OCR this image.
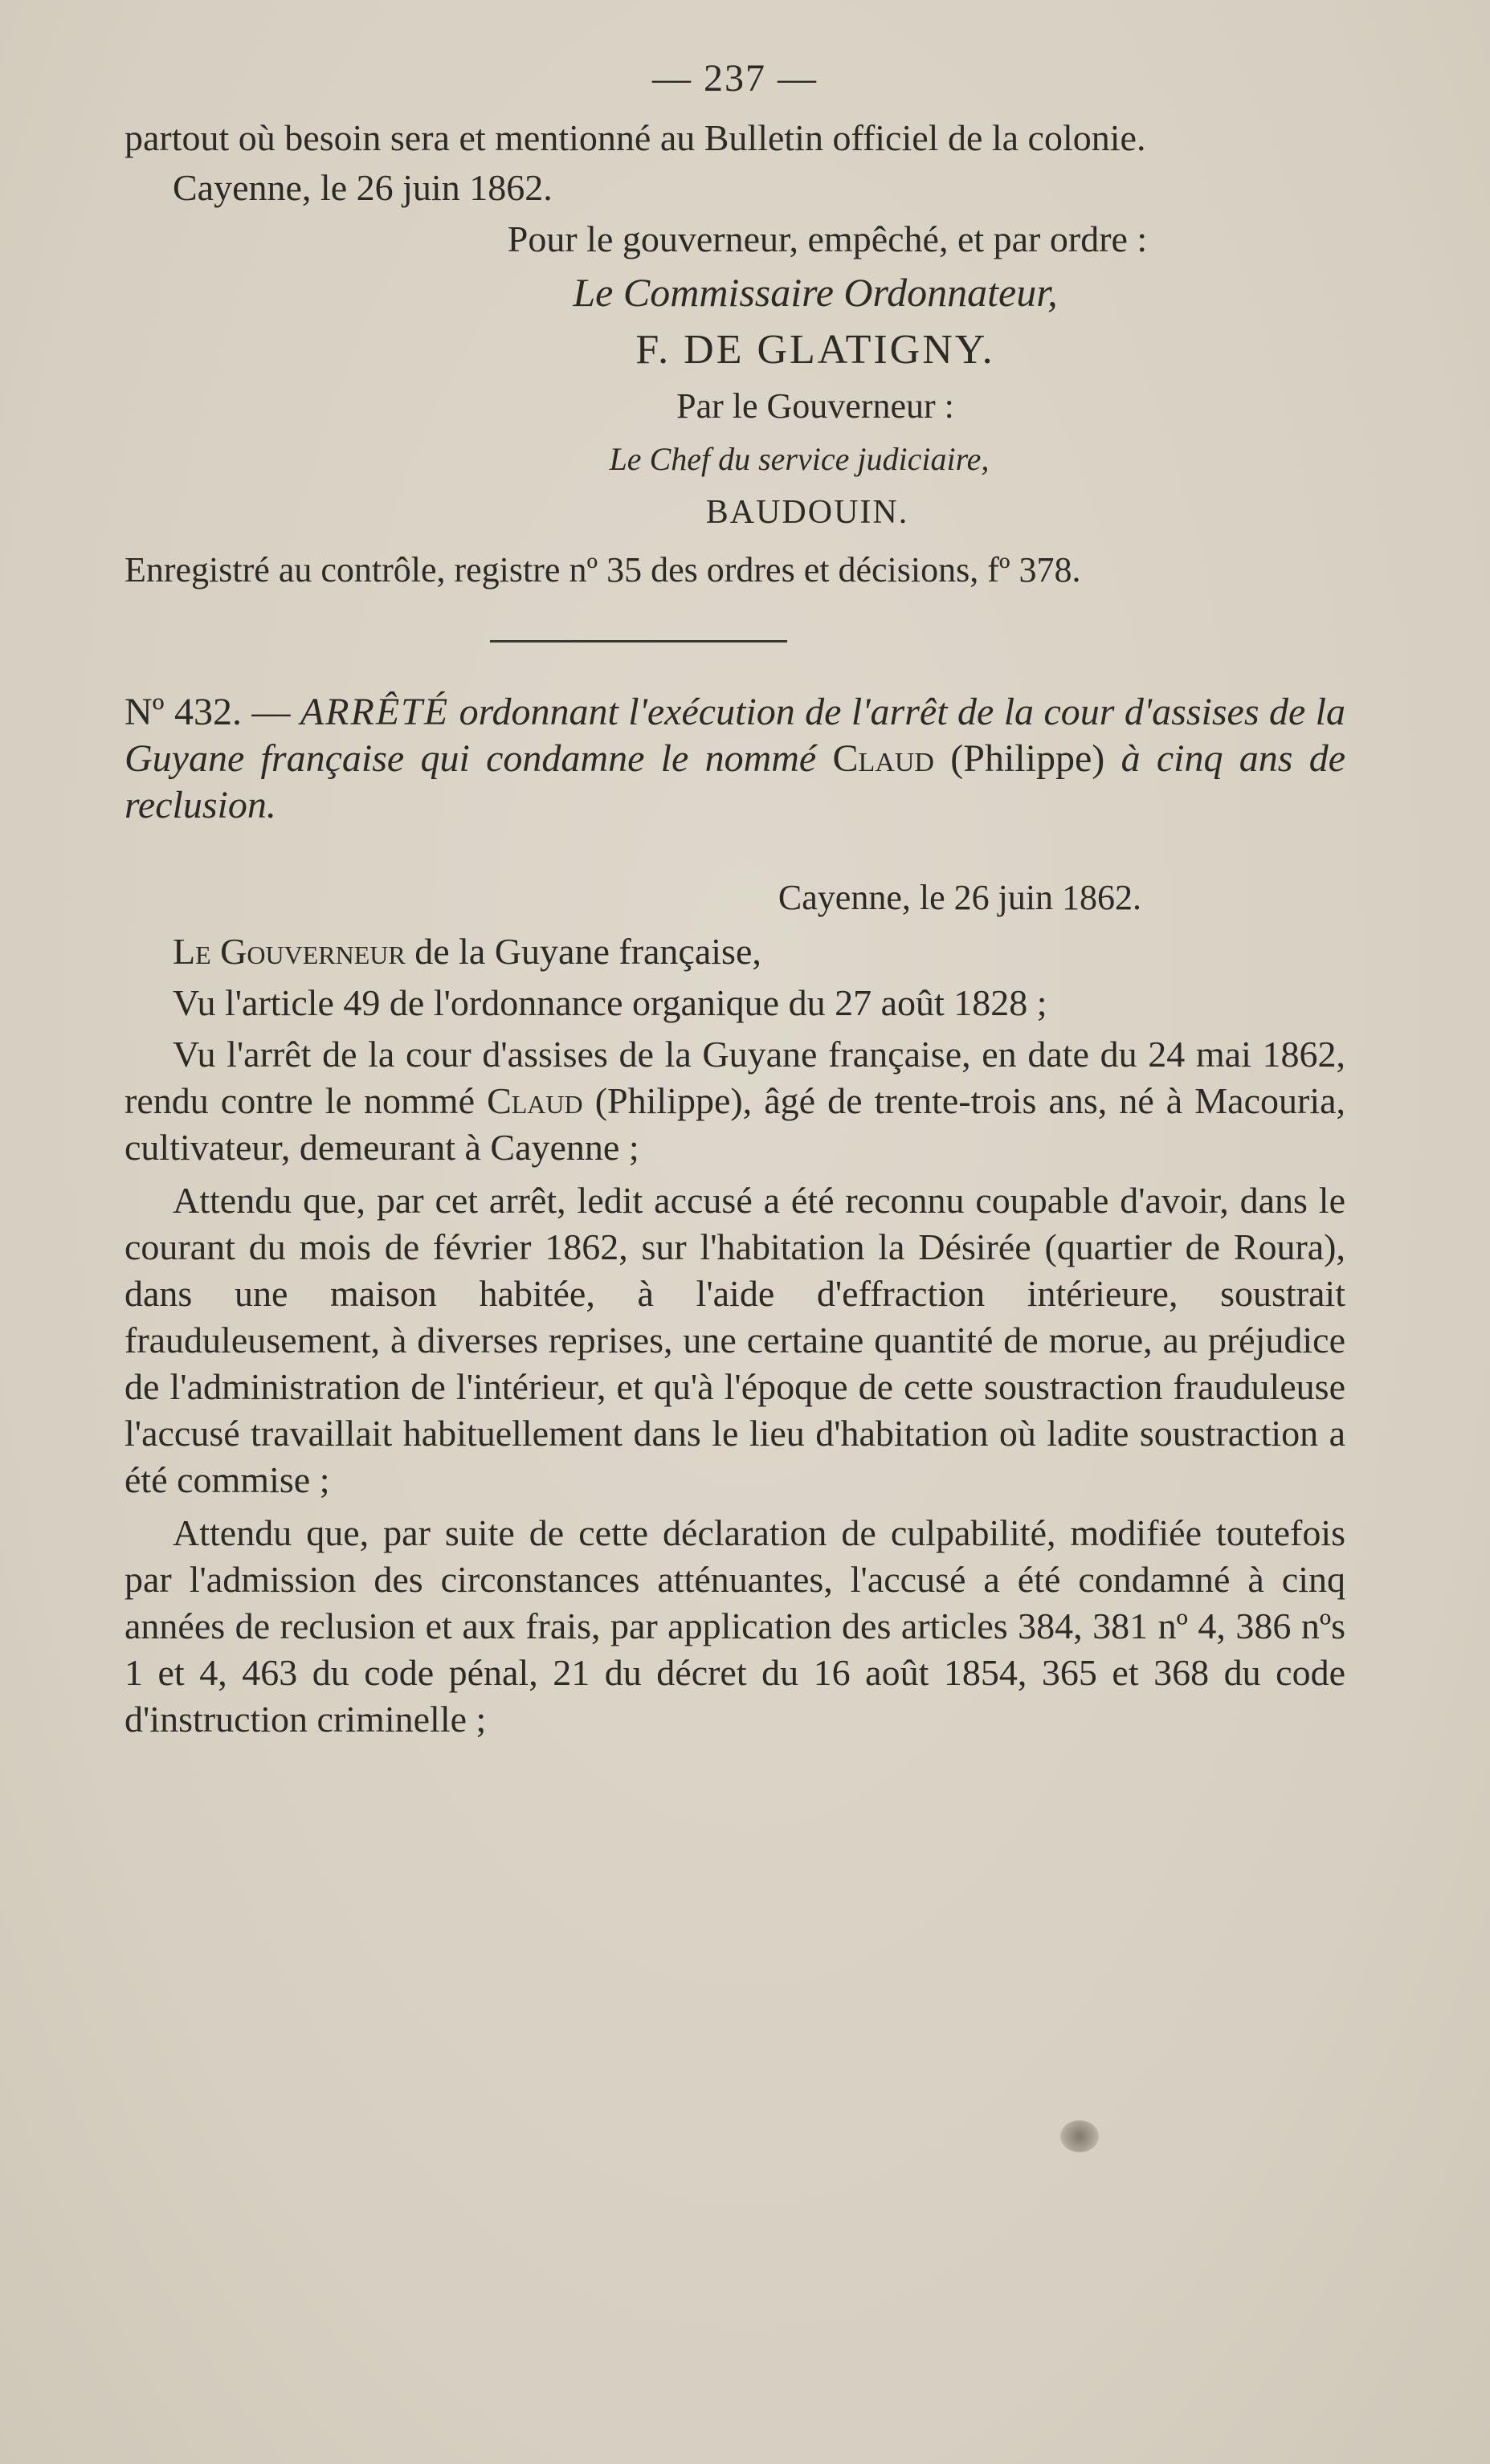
— 237 —

partout où besoin sera et mentionné au Bulletin officiel de la colonie.

Cayenne, le 26 juin 1862.

Pour le gouverneur, empêché, et par ordre :
Le Commissaire Ordonnateur,
F. DE GLATIGNY.
Par le Gouverneur :
Le Chef du service judiciaire,
BAUDOUIN.

Enregistré au contrôle, registre nº 35 des ordres et décisions, fº 378.

Nº 432. — ARRÊTÉ ordonnant l'exécution de l'arrêt de la cour d'assises de la Guyane française qui condamne le nommé Claud (Philippe) à cinq ans de reclusion.

Cayenne, le 26 juin 1862.

Le Gouverneur de la Guyane française,

Vu l'article 49 de l'ordonnance organique du 27 août 1828 ;

Vu l'arrêt de la cour d'assises de la Guyane française, en date du 24 mai 1862, rendu contre le nommé Claud (Philippe), âgé de trente-trois ans, né à Macouria, cultivateur, demeurant à Cayenne ;

Attendu que, par cet arrêt, ledit accusé a été reconnu coupable d'avoir, dans le courant du mois de février 1862, sur l'habitation la Désirée (quartier de Roura), dans une maison habitée, à l'aide d'effraction intérieure, soustrait frauduleusement, à diverses reprises, une certaine quantité de morue, au préjudice de l'administration de l'intérieur, et qu'à l'époque de cette soustraction frauduleuse l'accusé travaillait habituellement dans le lieu d'habitation où ladite soustraction a été commise ;

Attendu que, par suite de cette déclaration de culpabilité, modifiée toutefois par l'admission des circonstances atténuantes, l'accusé a été condamné à cinq années de reclusion et aux frais, par application des articles 384, 381 nº 4, 386 nºs 1 et 4, 463 du code pénal, 21 du décret du 16 août 1854, 365 et 368 du code d'instruction criminelle ;
